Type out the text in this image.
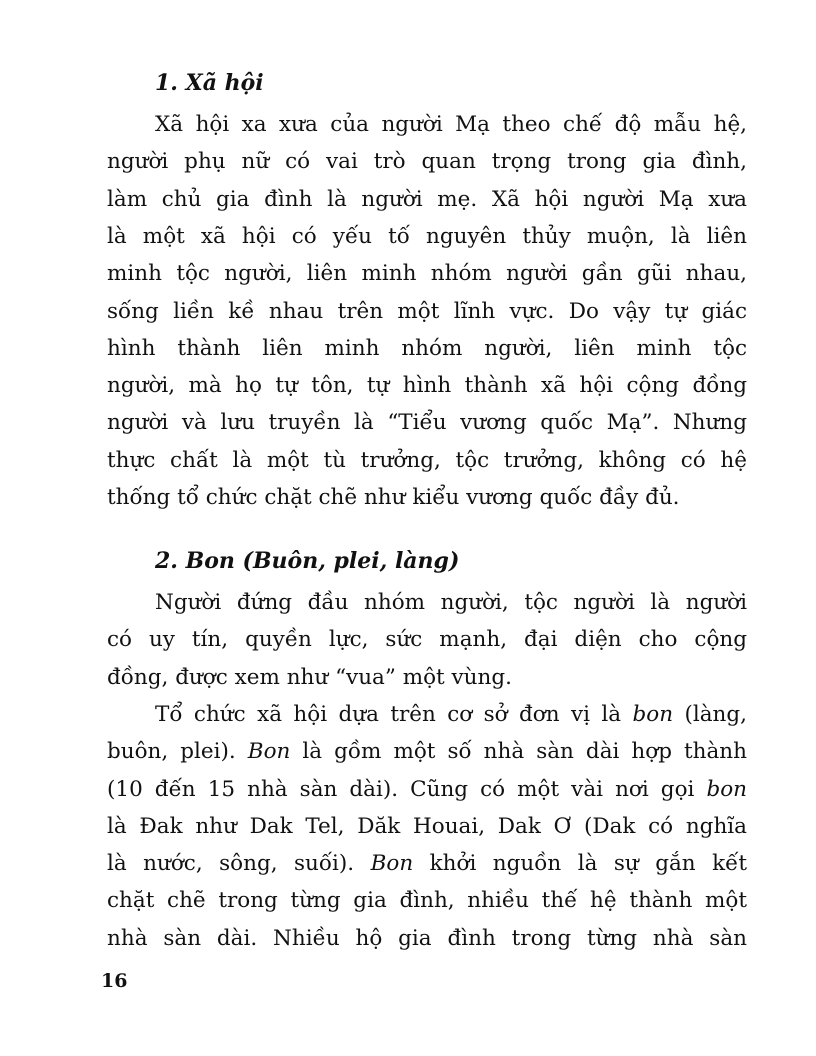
1. Xã hội
Xã hội xa xưa của người Mạ theo chế độ mẫu hệ,
người phụ nữ có vai trò quan trọng trong gia đình,
làm chủ gia đình là người mẹ. Xã hội người Mạ xưa
là một xã hội có yếu tố nguyên thủy muộn, là liên
minh tộc người, liên minh nhóm người gần gũi nhau,
sống liền kề nhau trên một lĩnh vực. Do vậy tự giác
hình thành liên minh nhóm người, liên minh tộc
người, mà họ tự tôn, tự hình thành xã hội cộng đồng
người và lưu truyền là “Tiểu vương quốc Mạ”. Nhưng
thực chất là một tù trưởng, tộc trưởng, không có hệ
thống tổ chức chặt chẽ như kiểu vương quốc đầy đủ.
2. Bon (Buôn, plei, làng)
Người đứng đầu nhóm người, tộc người là người
có uy tín, quyền lực, sức mạnh, đại diện cho cộng
đồng, được xem như “vua” một vùng.
Tổ chức xã hội dựa trên cơ sở đơn vị là bon (làng,
buôn, plei). Bon là gồm một số nhà sàn dài hợp thành
(10 đến 15 nhà sàn dài). Cũng có một vài nơi gọi bon
là Đak như Dak Tel, Dăk Houai, Dak Ơ (Dak có nghĩa
là nước, sông, suối). Bon khởi nguồn là sự gắn kết
chặt chẽ trong từng gia đình, nhiều thế hệ thành một
nhà sàn dài. Nhiều hộ gia đình trong từng nhà sàn
16
